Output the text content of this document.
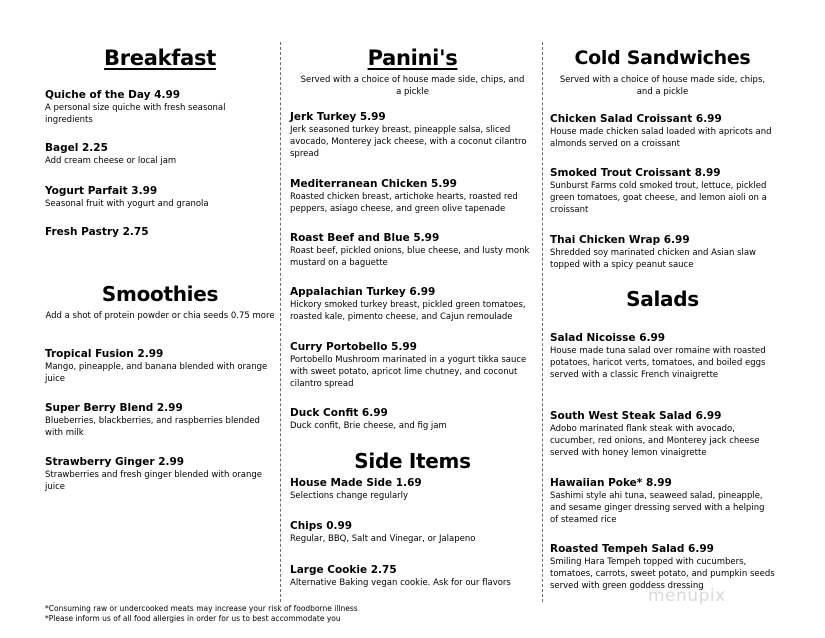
Breakfast
Quiche of the Day 4.99
A personal size quiche with fresh seasonal ingredients
Bagel 2.25
Add cream cheese or local jam
Yogurt Parfait 3.99
Seasonal fruit with yogurt and granola
Fresh Pastry 2.75
Smoothies
Add a shot of protein powder or chia seeds 0.75 more
Tropical Fusion 2.99
Mango, pineapple, and banana blended with orange juice
Super Berry Blend 2.99
Blueberries, blackberries, and raspberries blended with milk
Strawberry Ginger 2.99
Strawberries and fresh ginger blended with orange juice
Panini's
Served with a choice of house made side, chips, and a pickle
Jerk Turkey 5.99
Jerk seasoned turkey breast, pineapple salsa, sliced avocado, Monterey jack cheese, with a coconut cilantro spread
Mediterranean Chicken 5.99
Roasted chicken breast, artichoke hearts, roasted red peppers, asiago cheese, and green olive tapenade
Roast Beef and Blue 5.99
Roast beef, pickled onions, blue cheese, and lusty monk mustard on a baguette
Appalachian Turkey 6.99
Hickory smoked turkey breast, pickled green tomatoes, roasted kale, pimento cheese, and Cajun remoulade
Curry Portobello 5.99
Portobello Mushroom marinated in a yogurt tikka sauce with sweet potato, apricot lime chutney, and coconut cilantro spread
Duck Confit 6.99
Duck confit, Brie cheese, and fig jam
Side Items
House Made Side 1.69
Selections change regularly
Chips 0.99
Regular, BBQ, Salt and Vinegar, or Jalapeno
Large Cookie 2.75
Alternative Baking vegan cookie. Ask for our flavors
Cold Sandwiches
Served with a choice of house made side, chips, and a pickle
Chicken Salad Croissant 6.99
House made chicken salad loaded with apricots and almonds served on a croissant
Smoked Trout Croissant 8.99
Sunburst Farms cold smoked trout, lettuce, pickled green tomatoes, goat cheese, and lemon aioli on a croissant
Thai Chicken Wrap 6.99
Shredded soy marinated chicken and Asian slaw topped with a spicy peanut sauce
Salads
Salad Nicoisse 6.99
House made tuna salad over romaine with roasted potatoes, haricot verts, tomatoes, and boiled eggs served with a classic French vinaigrette
South West Steak Salad 6.99
Adobo marinated flank steak with avocado, cucumber, red onions, and Monterey jack cheese served with honey lemon vinaigrette
Hawaiian Poke* 8.99
Sashimi style ahi tuna, seaweed salad, pineapple, and sesame ginger dressing served with a helping of steamed rice
Roasted Tempeh Salad 6.99
Smiling Hara Tempeh topped with cucumbers, tomatoes, carrots, sweet potato, and pumpkin seeds served with green goddess dressing
*Consuming raw or undercooked meats may increase your risk of foodborne illness
*Please inform us of all food allergies in order for us to best accommodate you
menupix
